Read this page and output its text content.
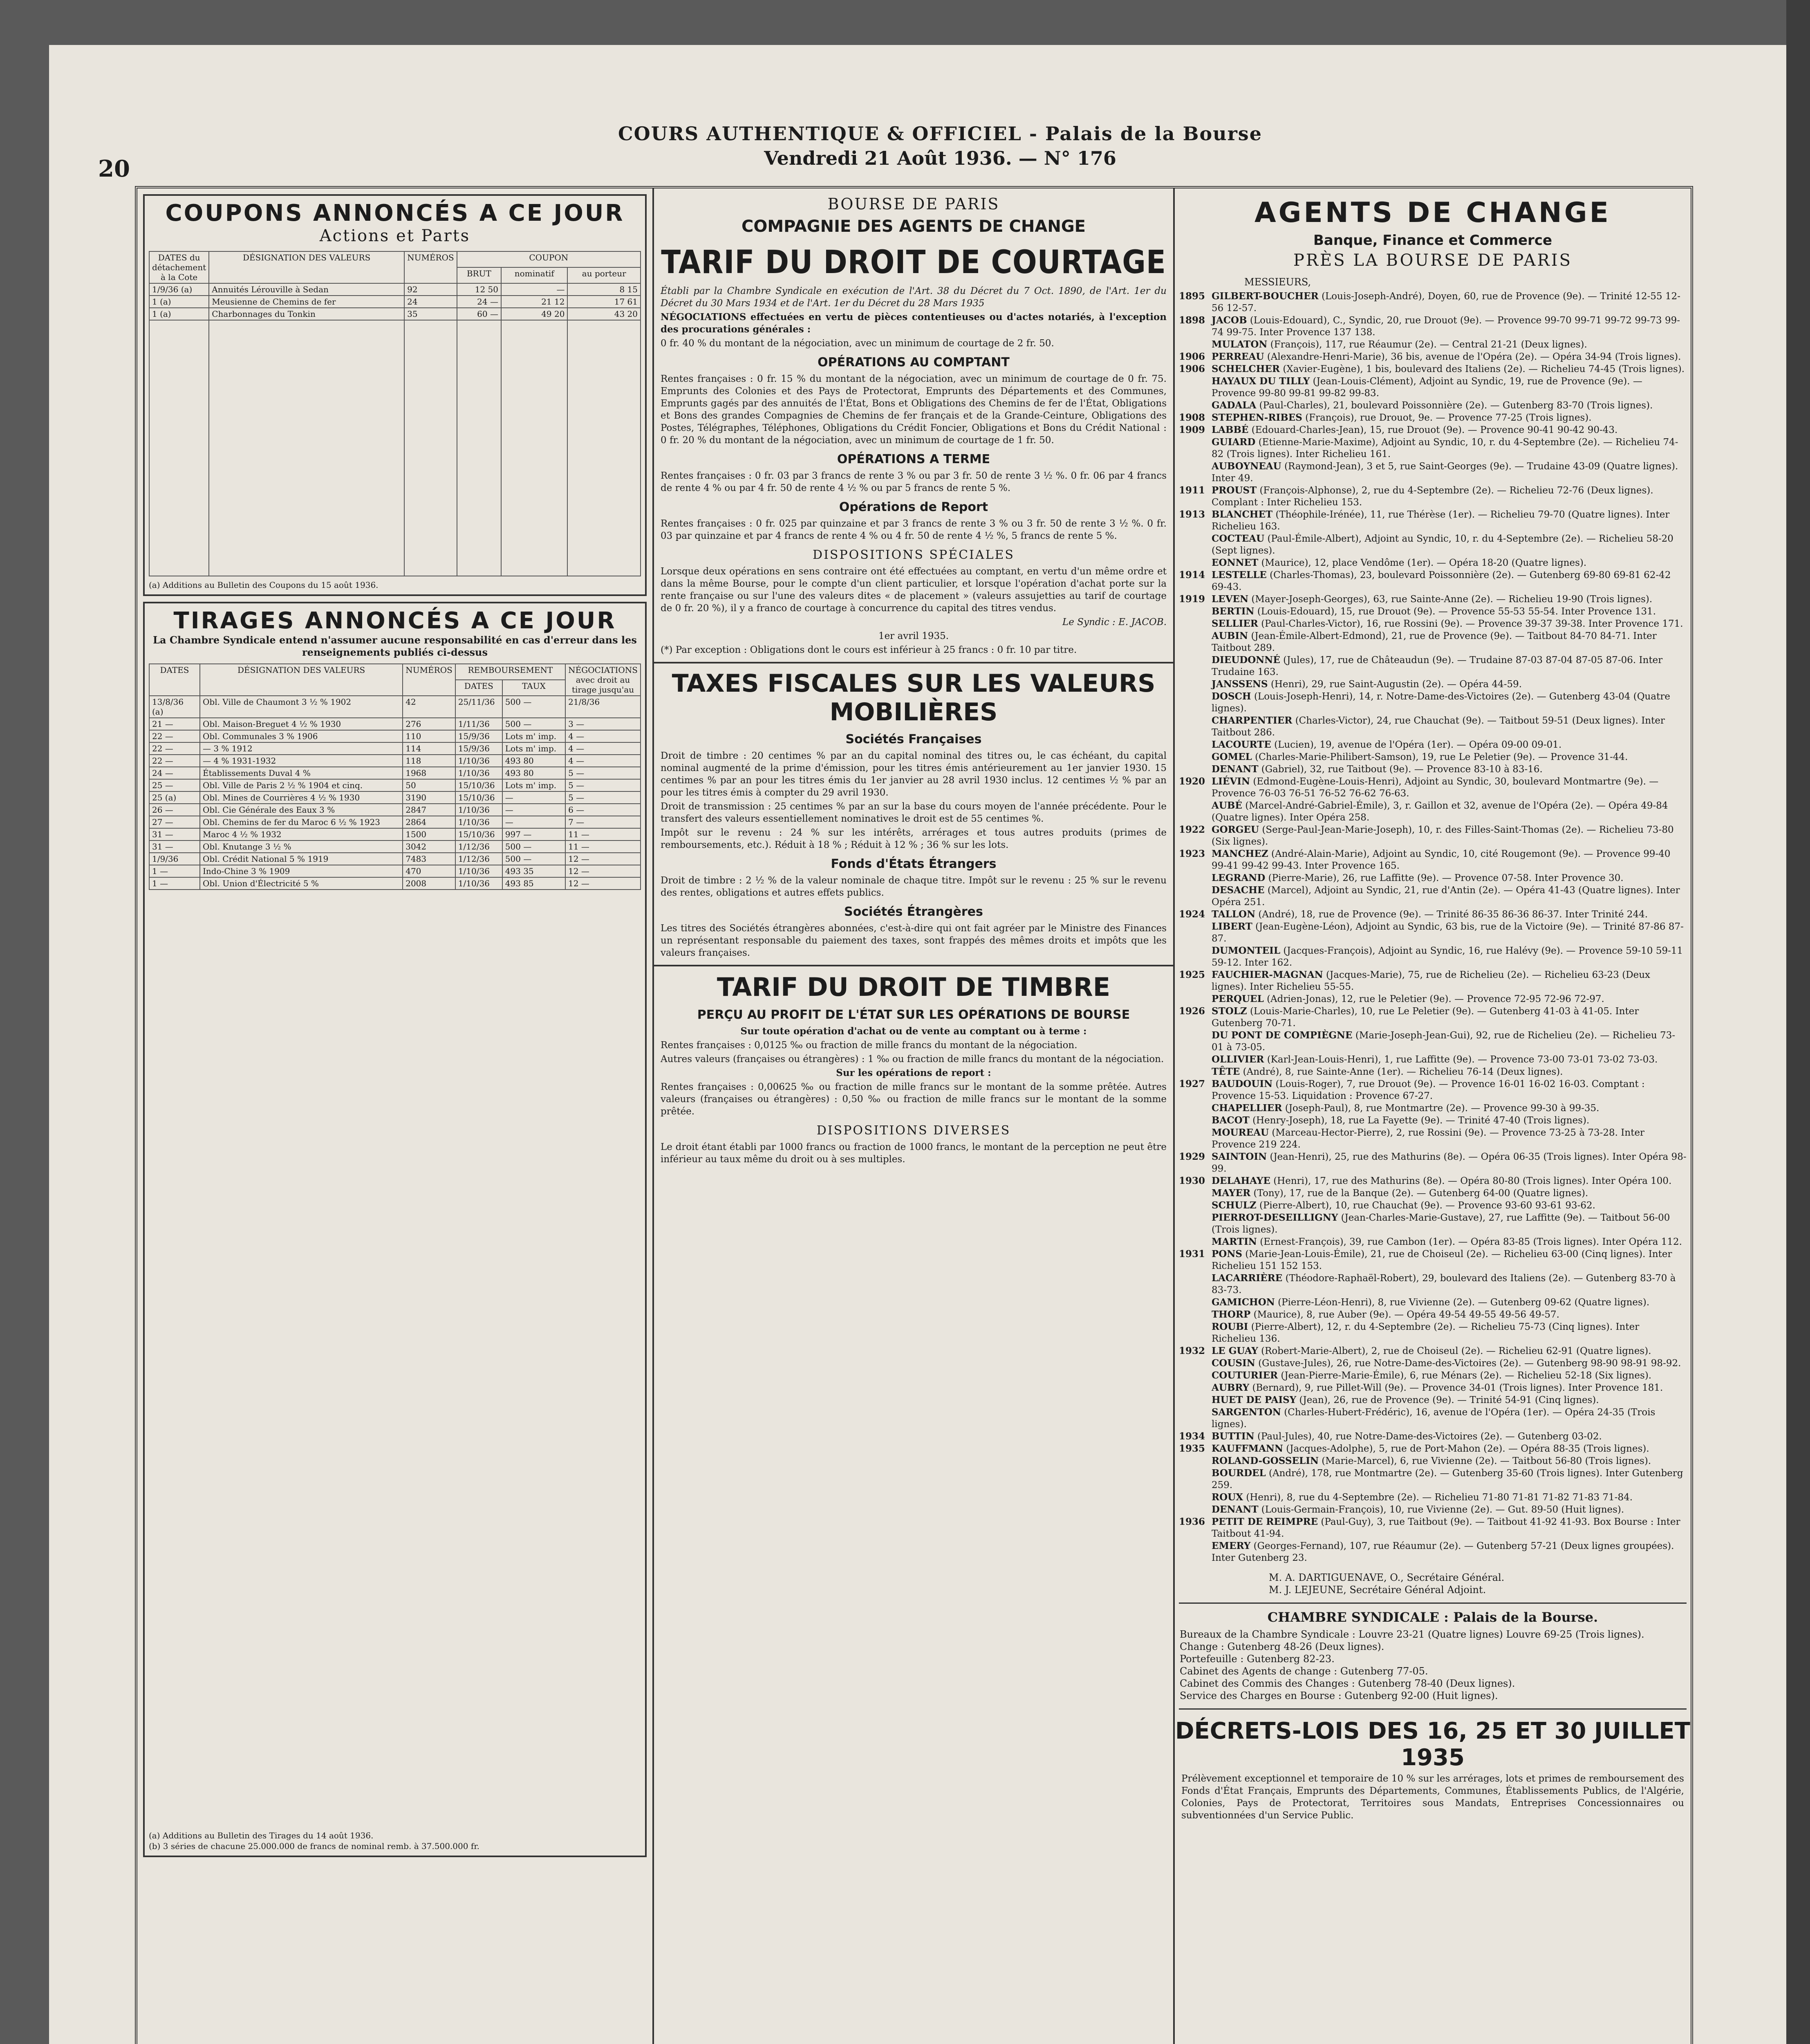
20
COURS AUTHENTIQUE & OFFICIEL - Palais de la Bourse
Vendredi 21 Août 1936. — N° 176
COUPONS ANNONCÉS A CE JOUR
Actions et Parts
DATES du détachement à la Cote	DÉSIGNATION DES VALEURS	NUMÉROS	COUPON		
			BRUT	nominatif	au porteur
1/9/36 (a)	Annuités Lérouville à Sedan	92	12 50	—	8 15
1 (a)	Meusienne de Chemins de fer	24	24 —	21 12	17 61
1 (a)	Charbonnages du Tonkin	35	60 —	49 20	43 20

(a) Additions au Bulletin des Coupons du 15 août 1936.
TIRAGES ANNONCÉS A CE JOUR
La Chambre Syndicale entend n'assumer aucune responsabilité en cas d'erreur dans les renseignements publiés ci-dessus
DATES	DÉSIGNATION DES VALEURS	NUMÉROS	REMBOURSEMENT		NÉGOCIATIONS avec droit au tirage jusqu'au
			DATES	TAUX	
13/8/36 (a)	Obl. Ville de Chaumont 3 ½ % 1902	42	25/11/36	500 —	21/8/36
21 —	Obl. Maison-Breguet 4 ½ % 1930	276	1/11/36	500 —	3 —
22 —	Obl. Communales 3 % 1906	110	15/9/36	Lots m' imp.	4 —
22 —	— 3 % 1912	114	15/9/36	Lots m' imp.	4 —
22 —	— 4 % 1931-1932	118	1/10/36	493 80	4 —
24 —	Établissements Duval 4 %	1968	1/10/36	493 80	5 —
25 —	Obl. Ville de Paris 2 ½ % 1904 et cinq.	50	15/10/36	Lots m' imp.	5 —
25 (a)	Obl. Mines de Courrières 4 ½ % 1930	3190	15/10/36	—	5 —
26 —	Obl. Cie Générale des Eaux 3 %	2847	1/10/36	—	6 —
27 —	Obl. Chemins de fer du Maroc 6 ½ % 1923	2864	1/10/36	—	7 —
31 —	Maroc 4 ½ % 1932	1500	15/10/36	997 —	11 —
31 —	Obl. Knutange 3 ½ %	3042	1/12/36	500 —	11 —
1/9/36	Obl. Crédit National 5 % 1919	7483	1/12/36	500 —	12 —
1 —	Indo-Chine 3 % 1909	470	1/10/36	493 35	12 —
1 —	Obl. Union d'Électricité 5 %	2008	1/10/36	493 85	12 —
(a) Additions au Bulletin des Tirages du 14 août 1936.
(b) 3 séries de chacune 25.000.000 de francs de nominal remb. à 37.500.000 fr.
BOURSE DE PARIS
COMPAGNIE DES AGENTS DE CHANGE
TARIF DU DROIT DE COURTAGE
Établi par la Chambre Syndicale en exécution de l'Art. 38 du Décret du 7 Oct. 1890, de l'Art. 1er du Décret du 30 Mars 1934 et de l'Art. 1er du Décret du 28 Mars 1935
NÉGOCIATIONS effectuées en vertu de pièces contentieuses ou d'actes notariés, à l'exception des procurations générales :
0 fr. 40 % du montant de la négociation, avec un minimum de courtage de 2 fr. 50.
OPÉRATIONS AU COMPTANT
Rentes françaises : 0 fr. 15 % du montant de la négociation, avec un minimum de courtage de 0 fr. 75. Emprunts des Colonies et des Pays de Protectorat, Emprunts des Départements et des Communes, Emprunts gagés par des annuités de l'État, Bons et Obligations des Chemins de fer de l'État, Obligations et Bons des grandes Compagnies de Chemins de fer français et de la Grande-Ceinture, Obligations des Postes, Télégraphes, Téléphones, Obligations du Crédit Foncier, Obligations et Bons du Crédit National : 0 fr. 20 % du montant de la négociation, avec un minimum de courtage de 1 fr. 50.
OPÉRATIONS A TERME
Rentes françaises : 0 fr. 03 par 3 francs de rente 3 % ou par 3 fr. 50 de rente 3 ½ %. 0 fr. 06 par 4 francs de rente 4 % ou par 4 fr. 50 de rente 4 ½ % ou par 5 francs de rente 5 %.
Opérations de Report
Rentes françaises : 0 fr. 025 par quinzaine et par 3 francs de rente 3 % ou 3 fr. 50 de rente 3 ½ %. 0 fr. 03 par quinzaine et par 4 francs de rente 4 % ou 4 fr. 50 de rente 4 ½ %, 5 francs de rente 5 %.
DISPOSITIONS SPÉCIALES
Lorsque deux opérations en sens contraire ont été effectuées au comptant, en vertu d'un même ordre et dans la même Bourse, pour le compte d'un client particulier, et lorsque l'opération d'achat porte sur la rente française ou sur l'une des valeurs dites « de placement » (valeurs assujetties au tarif de courtage de 0 fr. 20 %), il y a franco de courtage à concurrence du capital des titres vendus.
Le Syndic : E. JACOB.
1er avril 1935.
(*) Par exception : Obligations dont le cours est inférieur à 25 francs : 0 fr. 10 par titre.
TAXES FISCALES SUR LES VALEURS MOBILIÈRES
Sociétés Françaises
Droit de timbre : 20 centimes % par an du capital nominal des titres ou, le cas échéant, du capital nominal augmenté de la prime d'émission, pour les titres émis antérieurement au 1er janvier 1930. 15 centimes % par an pour les titres émis du 1er janvier au 28 avril 1930 inclus. 12 centimes ½ % par an pour les titres émis à compter du 29 avril 1930.
Droit de transmission : 25 centimes % par an sur la base du cours moyen de l'année précédente. Pour le transfert des valeurs essentiellement nominatives le droit est de 55 centimes %.
Impôt sur le revenu : 24 % sur les intérêts, arrérages et tous autres produits (primes de remboursements, etc.). Réduit à 18 % ; Réduit à 12 % ; 36 % sur les lots.
Fonds d'États Étrangers
Droit de timbre : 2 ½ % de la valeur nominale de chaque titre. Impôt sur le revenu : 25 % sur le revenu des rentes, obligations et autres effets publics.
Sociétés Étrangères
Les titres des Sociétés étrangères abonnées, c'est-à-dire qui ont fait agréer par le Ministre des Finances un représentant responsable du paiement des taxes, sont frappés des mêmes droits et impôts que les valeurs françaises.
TARIF DU DROIT DE TIMBRE
PERÇU AU PROFIT DE L'ÉTAT SUR LES OPÉRATIONS DE BOURSE
Sur toute opération d'achat ou de vente au comptant ou à terme :
Rentes françaises : 0,0125 ‰ ou fraction de mille francs du montant de la négociation.
Autres valeurs (françaises ou étrangères) : 1 ‰ ou fraction de mille francs du montant de la négociation.
Sur les opérations de report :
Rentes françaises : 0,00625 ‰ ou fraction de mille francs sur le montant de la somme prêtée. Autres valeurs (françaises ou étrangères) : 0,50 ‰ ou fraction de mille francs sur le montant de la somme prêtée.
DISPOSITIONS DIVERSES
Le droit étant établi par 1000 francs ou fraction de 1000 francs, le montant de la perception ne peut être inférieur au taux même du droit ou à ses multiples.
AGENTS DE CHANGE
Banque, Finance et Commerce
PRÈS LA BOURSE DE PARIS
MESSIEURS,
1895 GILBERT-BOUCHER (Louis-Joseph-André), Doyen, 60, rue de Provence (9e). — Trinité 12-55 12-56 12-57.
1898 JACOB (Louis-Edouard), C., Syndic, 20, rue Drouot (9e). — Provence 99-70 99-71 99-72 99-73 99-74 99-75. Inter Provence 137 138.
MULATON (François), 117, rue Réaumur (2e). — Central 21-21 (Deux lignes).
1906 PERREAU (Alexandre-Henri-Marie), 36 bis, avenue de l'Opéra (2e). — Opéra 34-94 (Trois lignes).
1906 SCHELCHER (Xavier-Eugène), 1 bis, boulevard des Italiens (2e). — Richelieu 74-45 (Trois lignes).
HAYAUX DU TILLY (Jean-Louis-Clément), Adjoint au Syndic, 19, rue de Provence (9e). — Provence 99-80 99-81 99-82 99-83.
GADALA (Paul-Charles), 21, boulevard Poissonnière (2e). — Gutenberg 83-70 (Trois lignes).
1908 STEPHEN-RIBES (François), rue Drouot, 9e. — Provence 77-25 (Trois lignes).
1909 LABBÉ (Edouard-Charles-Jean), 15, rue Drouot (9e). — Provence 90-41 90-42 90-43.
GUIARD (Etienne-Marie-Maxime), Adjoint au Syndic, 10, r. du 4-Septembre (2e). — Richelieu 74-82 (Trois lignes). Inter Richelieu 161.
AUBOYNEAU (Raymond-Jean), 3 et 5, rue Saint-Georges (9e). — Trudaine 43-09 (Quatre lignes). Inter 49.
1911 PROUST (François-Alphonse), 2, rue du 4-Septembre (2e). — Richelieu 72-76 (Deux lignes). Complant : Inter Richelieu 153.
1913 BLANCHET (Théophile-Irénée), 11, rue Thérèse (1er). — Richelieu 79-70 (Quatre lignes). Inter Richelieu 163.
COCTEAU (Paul-Émile-Albert), Adjoint au Syndic, 10, r. du 4-Septembre (2e). — Richelieu 58-20 (Sept lignes).
EONNET (Maurice), 12, place Vendôme (1er). — Opéra 18-20 (Quatre lignes).
1914 LESTELLE (Charles-Thomas), 23, boulevard Poissonnière (2e). — Gutenberg 69-80 69-81 62-42 69-43.
1919 LEVEN (Mayer-Joseph-Georges), 63, rue Sainte-Anne (2e). — Richelieu 19-90 (Trois lignes).
BERTIN (Louis-Edouard), 15, rue Drouot (9e). — Provence 55-53 55-54. Inter Provence 131.
SELLIER (Paul-Charles-Victor), 16, rue Rossini (9e). — Provence 39-37 39-38. Inter Provence 171.
AUBIN (Jean-Émile-Albert-Edmond), 21, rue de Provence (9e). — Taitbout 84-70 84-71. Inter Taitbout 289.
DIEUDONNÉ (Jules), 17, rue de Châteaudun (9e). — Trudaine 87-03 87-04 87-05 87-06. Inter Trudaine 163.
JANSSENS (Henri), 29, rue Saint-Augustin (2e). — Opéra 44-59.
DOSCH (Louis-Joseph-Henri), 14, r. Notre-Dame-des-Victoires (2e). — Gutenberg 43-04 (Quatre lignes).
CHARPENTIER (Charles-Victor), 24, rue Chauchat (9e). — Taitbout 59-51 (Deux lignes). Inter Taitbout 286.
LACOURTE (Lucien), 19, avenue de l'Opéra (1er). — Opéra 09-00 09-01.
GOMEL (Charles-Marie-Philibert-Samson), 19, rue Le Peletier (9e). — Provence 31-44.
DENANT (Gabriel), 32, rue Taitbout (9e). — Provence 83-10 à 83-16.
1920 LIÉVIN (Edmond-Eugène-Louis-Henri), Adjoint au Syndic, 30, boulevard Montmartre (9e). — Provence 76-03 76-51 76-52 76-62 76-63.
AUBÉ (Marcel-André-Gabriel-Émile), 3, r. Gaillon et 32, avenue de l'Opéra (2e). — Opéra 49-84 (Quatre lignes). Inter Opéra 258.
1922 GORGEU (Serge-Paul-Jean-Marie-Joseph), 10, r. des Filles-Saint-Thomas (2e). — Richelieu 73-80 (Six lignes).
1923 MANCHEZ (André-Alain-Marie), Adjoint au Syndic, 10, cité Rougemont (9e). — Provence 99-40 99-41 99-42 99-43. Inter Provence 165.
LEGRAND (Pierre-Marie), 26, rue Laffitte (9e). — Provence 07-58. Inter Provence 30.
DESACHE (Marcel), Adjoint au Syndic, 21, rue d'Antin (2e). — Opéra 41-43 (Quatre lignes). Inter Opéra 251.
1924 TALLON (André), 18, rue de Provence (9e). — Trinité 86-35 86-36 86-37. Inter Trinité 244.
LIBERT (Jean-Eugène-Léon), Adjoint au Syndic, 63 bis, rue de la Victoire (9e). — Trinité 87-86 87-87.
DUMONTEIL (Jacques-François), Adjoint au Syndic, 16, rue Halévy (9e). — Provence 59-10 59-11 59-12. Inter 162.
1925 FAUCHIER-MAGNAN (Jacques-Marie), 75, rue de Richelieu (2e). — Richelieu 63-23 (Deux lignes). Inter Richelieu 55-55.
PERQUEL (Adrien-Jonas), 12, rue le Peletier (9e). — Provence 72-95 72-96 72-97.
1926 STOLZ (Louis-Marie-Charles), 10, rue Le Peletier (9e). — Gutenberg 41-03 à 41-05. Inter Gutenberg 70-71.
DU PONT DE COMPIÈGNE (Marie-Joseph-Jean-Gui), 92, rue de Richelieu (2e). — Richelieu 73-01 à 73-05.
OLLIVIER (Karl-Jean-Louis-Henri), 1, rue Laffitte (9e). — Provence 73-00 73-01 73-02 73-03.
TÊTE (André), 8, rue Sainte-Anne (1er). — Richelieu 76-14 (Deux lignes).
1927 BAUDOUIN (Louis-Roger), 7, rue Drouot (9e). — Provence 16-01 16-02 16-03. Comptant : Provence 15-53. Liquidation : Provence 67-27.
CHAPELLIER (Joseph-Paul), 8, rue Montmartre (2e). — Provence 99-30 à 99-35.
BACOT (Henry-Joseph), 18, rue La Fayette (9e). — Trinité 47-40 (Trois lignes).
MOUREAU (Marceau-Hector-Pierre), 2, rue Rossini (9e). — Provence 73-25 à 73-28. Inter Provence 219 224.
1929 SAINTOIN (Jean-Henri), 25, rue des Mathurins (8e). — Opéra 06-35 (Trois lignes). Inter Opéra 98-99.
1930 DELAHAYE (Henri), 17, rue des Mathurins (8e). — Opéra 80-80 (Trois lignes). Inter Opéra 100.
MAYER (Tony), 17, rue de la Banque (2e). — Gutenberg 64-00 (Quatre lignes).
SCHULZ (Pierre-Albert), 10, rue Chauchat (9e). — Provence 93-60 93-61 93-62.
PIERROT-DESEILLIGNY (Jean-Charles-Marie-Gustave), 27, rue Laffitte (9e). — Taitbout 56-00 (Trois lignes).
MARTIN (Ernest-François), 39, rue Cambon (1er). — Opéra 83-85 (Trois lignes). Inter Opéra 112.
1931 PONS (Marie-Jean-Louis-Émile), 21, rue de Choiseul (2e). — Richelieu 63-00 (Cinq lignes). Inter Richelieu 151 152 153.
LACARRIÈRE (Théodore-Raphaël-Robert), 29, boulevard des Italiens (2e). — Gutenberg 83-70 à 83-73.
GAMICHON (Pierre-Léon-Henri), 8, rue Vivienne (2e). — Gutenberg 09-62 (Quatre lignes).
THORP (Maurice), 8, rue Auber (9e). — Opéra 49-54 49-55 49-56 49-57.
ROUBI (Pierre-Albert), 12, r. du 4-Septembre (2e). — Richelieu 75-73 (Cinq lignes). Inter Richelieu 136.
1932 LE GUAY (Robert-Marie-Albert), 2, rue de Choiseul (2e). — Richelieu 62-91 (Quatre lignes).
COUSIN (Gustave-Jules), 26, rue Notre-Dame-des-Victoires (2e). — Gutenberg 98-90 98-91 98-92.
COUTURIER (Jean-Pierre-Marie-Émile), 6, rue Ménars (2e). — Richelieu 52-18 (Six lignes).
AUBRY (Bernard), 9, rue Pillet-Will (9e). — Provence 34-01 (Trois lignes). Inter Provence 181.
HUET DE PAISY (Jean), 26, rue de Provence (9e). — Trinité 54-91 (Cinq lignes).
SARGENTON (Charles-Hubert-Frédéric), 16, avenue de l'Opéra (1er). — Opéra 24-35 (Trois lignes).
1934 BUTTIN (Paul-Jules), 40, rue Notre-Dame-des-Victoires (2e). — Gutenberg 03-02.
1935 KAUFFMANN (Jacques-Adolphe), 5, rue de Port-Mahon (2e). — Opéra 88-35 (Trois lignes).
ROLAND-GOSSELIN (Marie-Marcel), 6, rue Vivienne (2e). — Taitbout 56-80 (Trois lignes).
BOURDEL (André), 178, rue Montmartre (2e). — Gutenberg 35-60 (Trois lignes). Inter Gutenberg 259.
ROUX (Henri), 8, rue du 4-Septembre (2e). — Richelieu 71-80 71-81 71-82 71-83 71-84.
DENANT (Louis-Germain-François), 10, rue Vivienne (2e). — Gut. 89-50 (Huit lignes).
1936 PETIT DE REIMPRE (Paul-Guy), 3, rue Taitbout (9e). — Taitbout 41-92 41-93. Box Bourse : Inter Taitbout 41-94.
EMERY (Georges-Fernand), 107, rue Réaumur (2e). — Gutenberg 57-21 (Deux lignes groupées). Inter Gutenberg 23.
M. A. DARTIGUENAVE, O., Secrétaire Général.
M. J. LEJEUNE, Secrétaire Général Adjoint.
CHAMBRE SYNDICALE : Palais de la Bourse.
Bureaux de la Chambre Syndicale : Louvre 23-21 (Quatre lignes) Louvre 69-25 (Trois lignes).
Change : Gutenberg 48-26 (Deux lignes).
Portefeuille : Gutenberg 82-23.
Cabinet des Agents de change : Gutenberg 77-05.
Cabinet des Commis des Changes : Gutenberg 78-40 (Deux lignes).
Service des Charges en Bourse : Gutenberg 92-00 (Huit lignes).
DÉCRETS-LOIS DES 16, 25 ET 30 JUILLET 1935
Prélèvement exceptionnel et temporaire de 10 % sur les arrérages, lots et primes de remboursement des Fonds d'État Français, Emprunts des Départements, Communes, Établissements Publics, de l'Algérie, Colonies, Pays de Protectorat, Territoires sous Mandats, Entreprises Concessionnaires ou subventionnées d'un Service Public.
